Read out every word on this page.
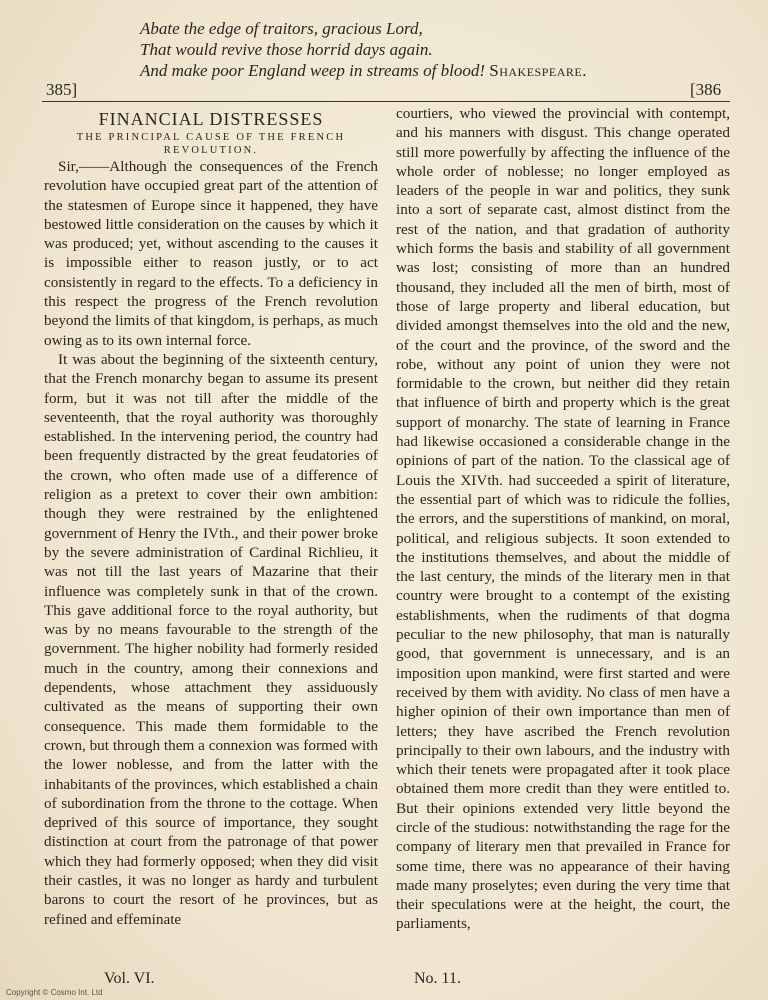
Abate the edge of traitors, gracious Lord,
That would revive those horrid days again.
And make poor England weep in streams of blood! Shakespeare.
385]	[386
FINANCIAL DISTRESSES
THE PRINCIPAL CAUSE OF THE FRENCH REVOLUTION.

Sir,——Although the consequences of the French revolution have occupied great part of the attention of the statesmen of Europe since it happened, they have bestowed little consideration on the causes by which it was produced; yet, without ascending to the causes it is impossible either to reason justly, or to act consistently in regard to the effects. To a deficiency in this respect the progress of the French revolution beyond the limits of that kingdom, is perhaps, as much owing as to its own internal force.

It was about the beginning of the sixteenth century, that the French monarchy began to assume its present form, but it was not till after the middle of the seventeenth, that the royal authority was thoroughly established. In the intervening period, the country had been frequently distracted by the great feudatories of the crown, who often made use of a difference of religion as a pretext to cover their own ambition: though they were restrained by the enlightened government of Henry the IVth., and their power broke by the severe administration of Cardinal Richlieu, it was not till the last years of Mazarine that their influence was completely sunk in that of the crown. This gave additional force to the royal authority, but was by no means favourable to the strength of the government. The higher nobility had formerly resided much in the country, among their connexions and dependents, whose attachment they assiduously cultivated as the means of supporting their own consequence. This made them formidable to the crown, but through them a connexion was formed with the lower noblesse, and from the latter with the inhabitants of the provinces, which established a chain of subordination from the throne to the cottage. When deprived of this source of importance, they sought distinction at court from the patronage of that power which they had formerly opposed; when they did visit their castles, it was no longer as hardy and turbulent barons to court the resort of he provinces, but as refined and effeminate

courtiers, who viewed the provincial with contempt, and his manners with disgust. This change operated still more powerfully by affecting the influence of the whole order of noblesse; no longer employed as leaders of the people in war and politics, they sunk into a sort of separate cast, almost distinct from the rest of the nation, and that gradation of authority which forms the basis and stability of all government was lost; consisting of more than an hundred thousand, they included all the men of birth, most of those of large property and liberal education, but divided amongst themselves into the old and the new, of the court and the province, of the sword and the robe, without any point of union they were not formidable to the crown, but neither did they retain that influence of birth and property which is the great support of monarchy. The state of learning in France had likewise occasioned a considerable change in the opinions of part of the nation. To the classical age of Louis the XIVth. had succeeded a spirit of literature, the essential part of which was to ridicule the follies, the errors, and the superstitions of mankind, on moral, political, and religious subjects. It soon extended to the institutions themselves, and about the middle of the last century, the minds of the literary men in that country were brought to a contempt of the existing establishments, when the rudiments of that dogma peculiar to the new philosophy, that man is naturally good, that government is unnecessary, and is an imposition upon mankind, were first started and were received by them with avidity. No class of men have a higher opinion of their own importance than men of letters; they have ascribed the French revolution principally to their own labours, and the industry with which their tenets were propagated after it took place obtained them more credit than they were entitled to. But their opinions extended very little beyond the circle of the studious: notwithstanding the rage for the company of literary men that prevailed in France for some time, there was no appearance of their having made many proselytes; even during the very time that their speculations were at the height, the court, the parliaments,

Vol. VI.	No. 11.
Copyright © Cosmo Int. Ltd
